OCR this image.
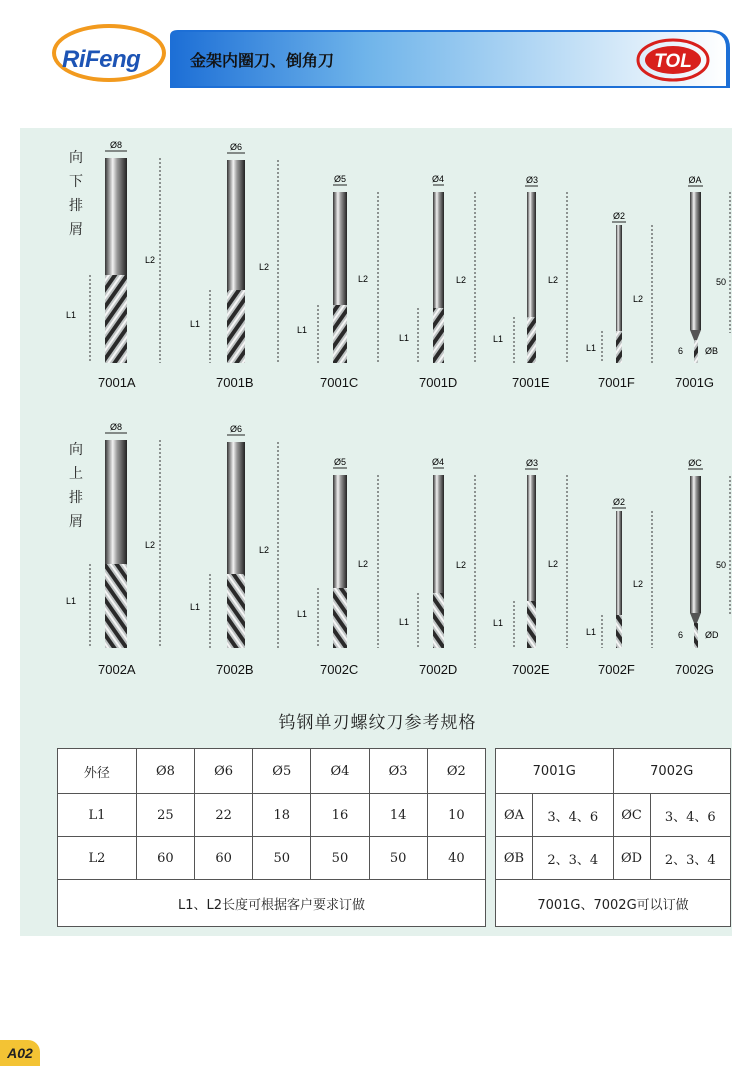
RiFeng	金架内圈刀、倒角刀	TOL
向
下
排
屑
向
上
排
屑
Ø8
L2
L1
Ø6
L2
L1
Ø5
L2
L1
Ø4
L2
L1
Ø3
L2
L1
Ø2
L2
L1
ØA
50
6 ØB
Ø8
L2
L1
Ø6
L2
L1
Ø5
L2
L1
Ø4
L2
L1
Ø3
L2
L1
Ø2
L2
L1
ØC
50
6 ØD
7001A	7001B	7001C	7001D	7001E	7001F	7001G
7002A	7002B	7002C	7002D	7002E	7002F	7002G
钨钢单刃螺纹刀参考规格
外径	Ø8	Ø6	Ø5	Ø4	Ø3	Ø2
L1	25	22	18	16	14	10
L2	60	60	50	50	50	40
L1、L2长度可根据客户要求订做						
7001G		7002G	
ØA	3、4、6	ØC	3、4、6
ØB	2、3、4	ØD	2、3、4
7001G、7002G可以订做			
A02
